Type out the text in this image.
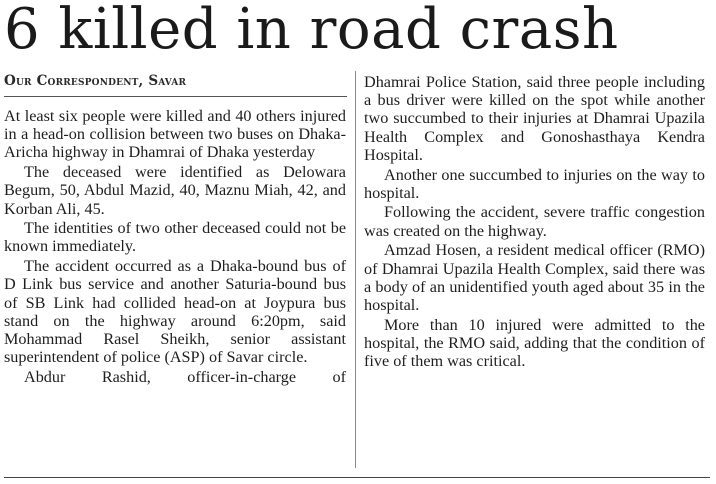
6 killed in road crash
Our Correspondent, Savar

At least six people were killed and 40 others injured in a head-on collision between two buses on Dhaka-Aricha highway in Dhamrai of Dhaka yesterday

The deceased were identified as Delowara Begum, 50, Abdul Mazid, 40, Maznu Miah, 42, and Korban Ali, 45.

The identities of two other deceased could not be known immediately.

The accident occurred as a Dhaka-bound bus of D Link bus service and another Saturia-bound bus of SB Link had collided head-on at Joypura bus stand on the highway around 6:20pm, said Mohammad Rasel Sheikh, senior assistant superintendent of police (ASP) of Savar circle.

Abdur Rashid, officer-in-charge of

Dhamrai Police Station, said three people including a bus driver were killed on the spot while another two succumbed to their injuries at Dhamrai Upazila Health Complex and Gonoshasthaya Kendra Hospital.

Another one succumbed to injuries on the way to hospital.

Following the accident, severe traffic congestion was created on the highway.

Amzad Hosen, a resident medical officer (RMO) of Dhamrai Upazila Health Complex, said there was a body of an unidentified youth aged about 35 in the hospital.

More than 10 injured were admitted to the hospital, the RMO said, adding that the condition of five of them was critical.
